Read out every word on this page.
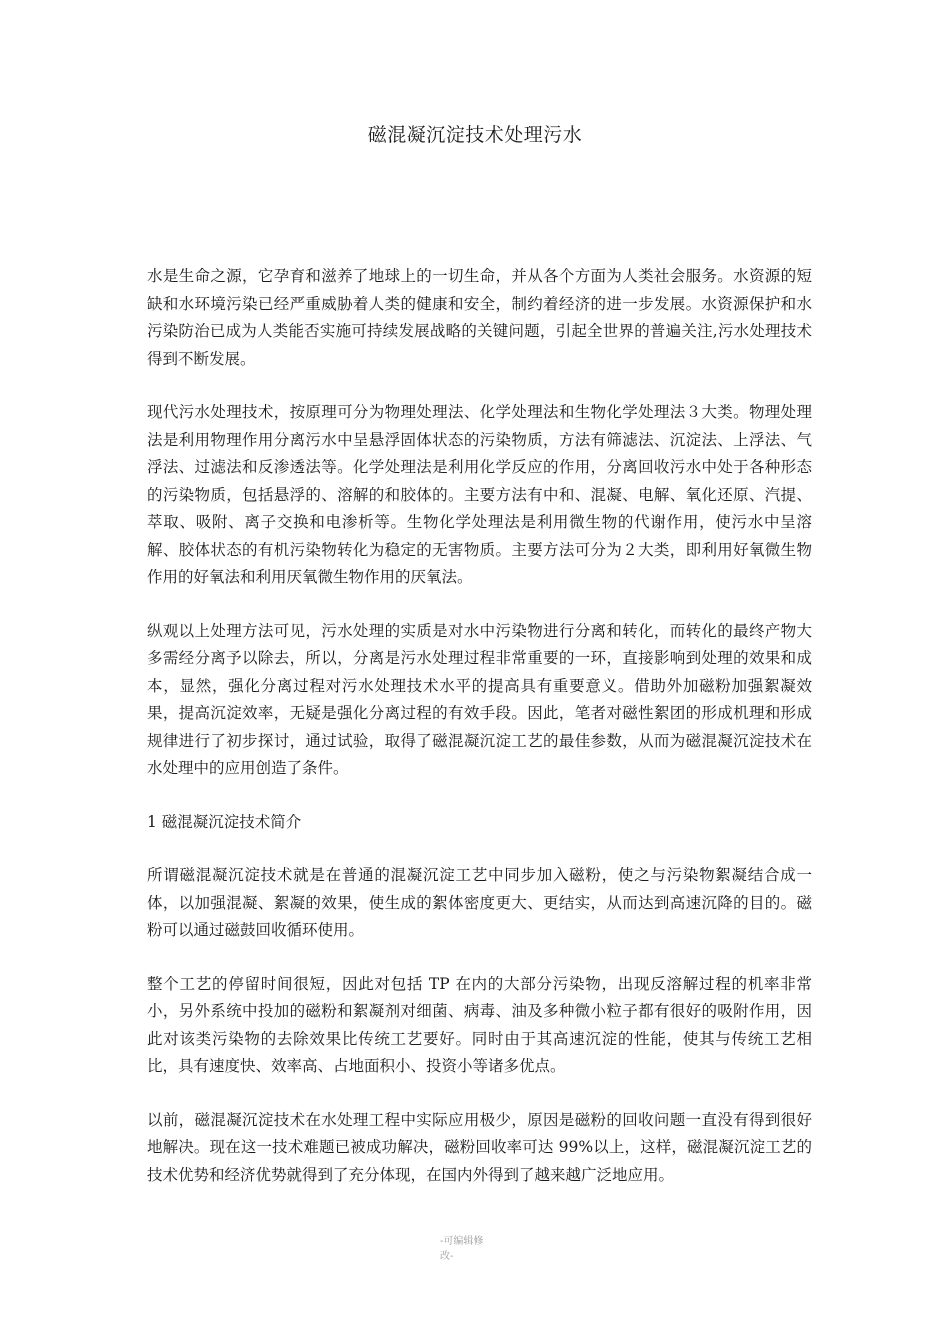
磁混凝沉淀技术处理污水

水是生命之源，它孕育和滋养了地球上的一切生命，并从各个方面为人类社会服务。水资源的短缺和水环境污染已经严重威胁着人类的健康和安全，制约着经济的进一步发展。水资源保护和水污染防治已成为人类能否实施可持续发展战略的关键问题，引起全世界的普遍关注,污水处理技术得到不断发展。

现代污水处理技术，按原理可分为物理处理法、化学处理法和生物化学处理法３大类。物理处理法是利用物理作用分离污水中呈悬浮固体状态的污染物质，方法有筛滤法、沉淀法、上浮法、气浮法、过滤法和反渗透法等。化学处理法是利用化学反应的作用，分离回收污水中处于各种形态的污染物质，包括悬浮的、溶解的和胶体的。主要方法有中和、混凝、电解、氧化还原、汽提、萃取、吸附、离子交换和电渗析等。生物化学处理法是利用微生物的代谢作用，使污水中呈溶解、胶体状态的有机污染物转化为稳定的无害物质。主要方法可分为２大类，即利用好氧微生物作用的好氧法和利用厌氧微生物作用的厌氧法。

纵观以上处理方法可见，污水处理的实质是对水中污染物进行分离和转化，而转化的最终产物大多需经分离予以除去，所以，分离是污水处理过程非常重要的一环，直接影响到处理的效果和成本，显然，强化分离过程对污水处理技术水平的提高具有重要意义。借助外加磁粉加强絮凝效果，提高沉淀效率，无疑是强化分离过程的有效手段。因此，笔者对磁性絮团的形成机理和形成规律进行了初步探讨，通过试验，取得了磁混凝沉淀工艺的最佳参数，从而为磁混凝沉淀技术在水处理中的应用创造了条件。

1 磁混凝沉淀技术简介

所谓磁混凝沉淀技术就是在普通的混凝沉淀工艺中同步加入磁粉，使之与污染物絮凝结合成一体，以加强混凝、絮凝的效果，使生成的絮体密度更大、更结实，从而达到高速沉降的目的。磁粉可以通过磁鼓回收循环使用。

整个工艺的停留时间很短，因此对包括 TP 在内的大部分污染物，出现反溶解过程的机率非常小，另外系统中投加的磁粉和絮凝剂对细菌、病毒、油及多种微小粒子都有很好的吸附作用，因此对该类污染物的去除效果比传统工艺要好。同时由于其高速沉淀的性能，使其与传统工艺相比，具有速度快、效率高、占地面积小、投资小等诸多优点。

以前，磁混凝沉淀技术在水处理工程中实际应用极少，原因是磁粉的回收问题一直没有得到很好地解决。现在这一技术难题已被成功解决，磁粉回收率可达 99%以上，这样，磁混凝沉淀工艺的技术优势和经济优势就得到了充分体现，在国内外得到了越来越广泛地应用。

-可编辑修
改-
